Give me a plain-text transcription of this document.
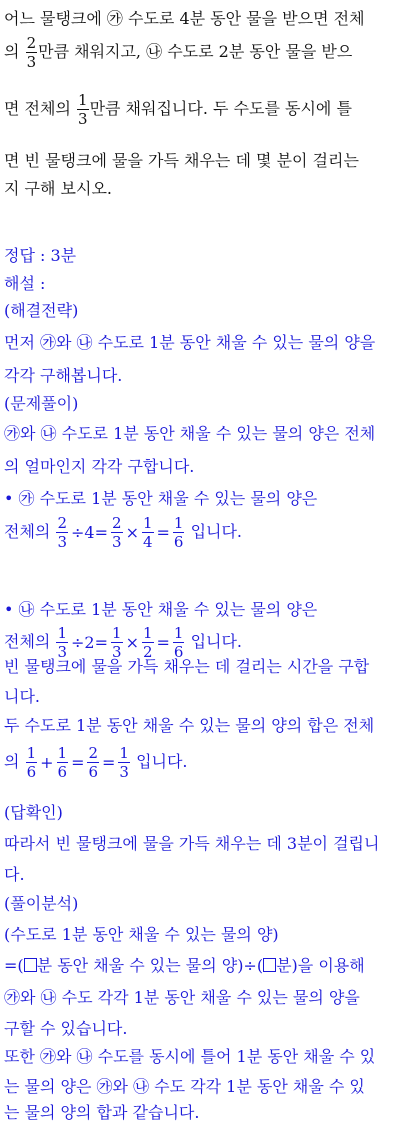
어느 물탱크에 ㉮ 수도로 4분 동안 물을 받으면 전체
의 $\frac{2}{3}$ 만큼 채워지고, ㉯ 수도로 2분 동안 물을 받으
면 전체의 $\frac{1}{3}$ 만큼 채워집니다. 두 수도를 동시에 틀
면 빈 물탱크에 물을 가득 채우는 데 몇 분이 걸리는
지 구해 보시오.
정답 : 3분
해설 :
(해결전략)
먼저 ㉮와 ㉯ 수도로 1분 동안 채울 수 있는 물의 양을
각각 구해봅니다.
(문제풀이)
㉮와 ㉯ 수도로 1분 동안 채울 수 있는 물의 양은 전체
의 얼마인지 각각 구합니다.
• ㉮ 수도로 1분 동안 채울 수 있는 물의 양은
전체의 $\frac{2}{3} \div 4= \frac{2}{3} \times \frac{1}{4} = \frac{1}{6}$ 입니다.
• ㉯ 수도로 1분 동안 채울 수 있는 물의 양은
전체의 $\frac{1}{3} \div 2= \frac{1}{3} \times \frac{1}{2} = \frac{1}{6}$ 입니다.
빈 물탱크에 물을 가득 채우는 데 걸리는 시간을 구합
니다.
두 수도로 1분 동안 채울 수 있는 물의 양의 합은 전체
의 $\frac{1}{6} + \frac{1}{6} = \frac{2}{6} = \frac{1}{3}$ 입니다.
(답확인)
따라서 빈 물탱크에 물을 가득 채우는 데 3분이 걸립니
다.
(풀이분석)
(수도로 1분 동안 채울 수 있는 물의 양)
=( 분 동안 채울 수 있는 물의 양)÷( 분)을 이용해
㉮와 ㉯ 수도 각각 1분 동안 채울 수 있는 물의 양을
구할 수 있습니다.
또한 ㉮와 ㉯ 수도를 동시에 틀어 1분 동안 채울 수 있
는 물의 양은 ㉮와 ㉯ 수도 각각 1분 동안 채울 수 있
는 물의 양의 합과 같습니다.
